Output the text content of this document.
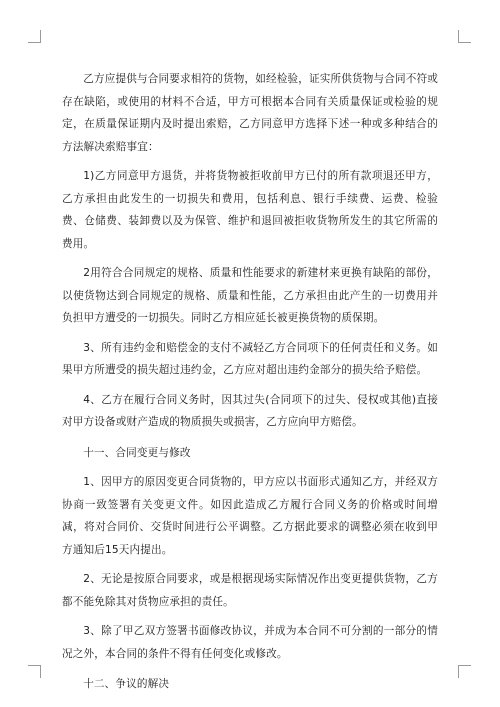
乙方应提供与合同要求相符的货物，如经检验，证实所供货物与合同不符或存在缺陷，或使用的材料不合适，甲方可根据本合同有关质量保证或检验的规定，在质量保证期内及时提出索赔，乙方同意甲方选择下述一种或多种结合的方法解决索赔事宜：

1)乙方同意甲方退货，并将货物被拒收前甲方已付的所有款项退还甲方，乙方承担由此发生的一切损失和费用，包括利息、银行手续费、运费、检验费、仓储费、装卸费以及为保管、维护和退回被拒收货物所发生的其它所需的费用。

2用符合合同规定的规格、质量和性能要求的新建材来更换有缺陷的部份，以使货物达到合同规定的规格、质量和性能，乙方承担由此产生的一切费用并负担甲方遭受的一切损失。同时乙方相应延长被更换货物的质保期。

3、所有违约金和赔偿金的支付不减轻乙方合同项下的任何责任和义务。如果甲方所遭受的损失超过违约金，乙方应对超出违约金部分的损失给予赔偿。

4、乙方在履行合同义务时，因其过失(合同项下的过失、侵权或其他)直接对甲方设备或财产造成的物质损失或损害，乙方应向甲方赔偿。

十一、合同变更与修改

1、因甲方的原因变更合同货物的，甲方应以书面形式通知乙方，并经双方协商一致签署有关变更文件。如因此造成乙方履行合同义务的价格或时间增减，将对合同价、交货时间进行公平调整。乙方据此要求的调整必须在收到甲方通知后15天内提出。

2、无论是按原合同要求，或是根据现场实际情况作出变更提供货物，乙方都不能免除其对货物应承担的责任。

3、除了甲乙双方签署书面修改协议，并成为本合同不可分割的一部分的情况之外，本合同的条件不得有任何变化或修改。

十二、争议的解决
